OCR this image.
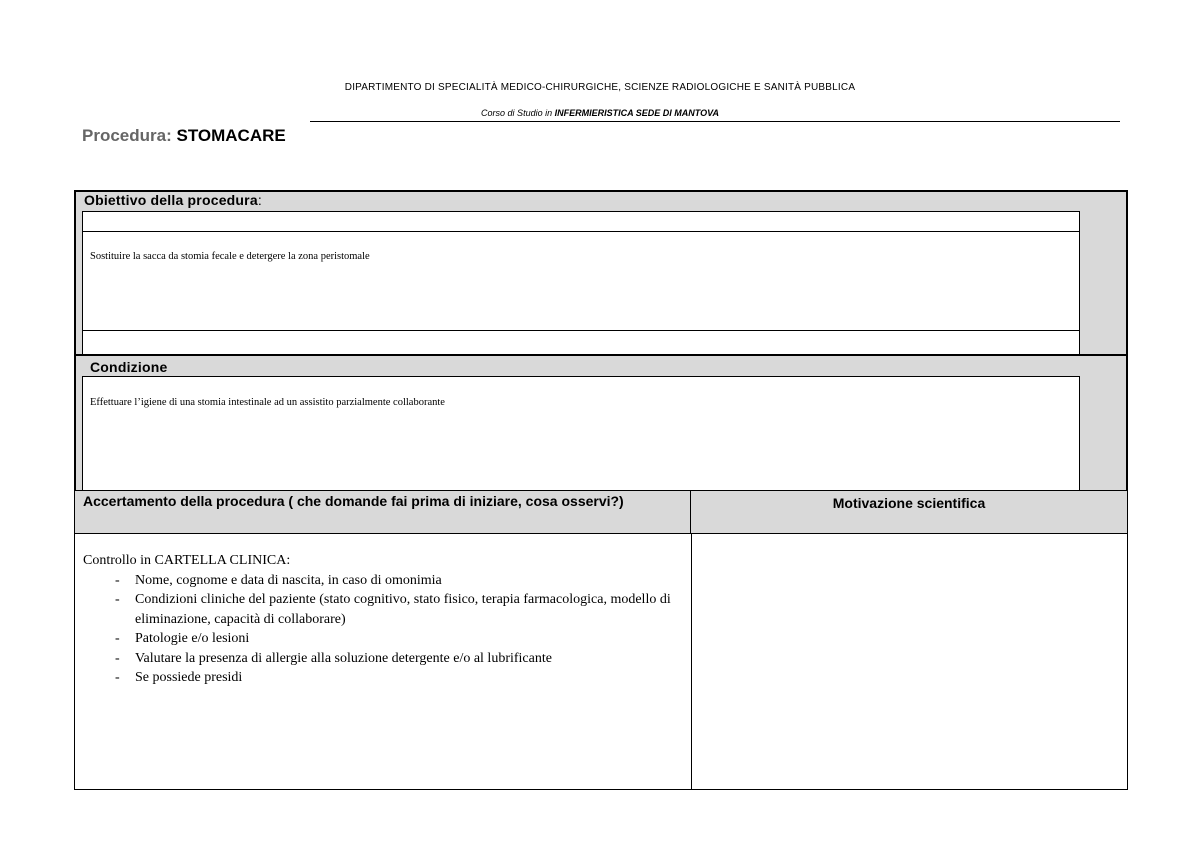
DIPARTIMENTO DI SPECIALITÀ MEDICO-CHIRURGICHE, SCIENZE RADIOLOGICHE E SANITÀ PUBBLICA
Corso di Studio in INFERMIERISTICA SEDE DI MANTOVA
Procedura: STOMACARE
Obiettivo della procedura:
Sostituire la sacca da stomia fecale e detergere la zona peristomale
Condizione
Effettuare l’igiene di una stomia intestinale ad un assistito parzialmente collaborante
Accertamento della procedura ( che domande fai prima di iniziare, cosa osservi?)	Motivazione scientifica
Controllo in CARTELLA CLINICA:
- Nome, cognome e data di nascita, in caso di omonimia
- Condizioni cliniche del paziente (stato cognitivo, stato fisico, terapia farmacologica, modello di eliminazione, capacità di collaborare)
- Patologie e/o lesioni
- Valutare la presenza di allergie alla soluzione detergente e/o al lubrificante
- Se possiede presidi
